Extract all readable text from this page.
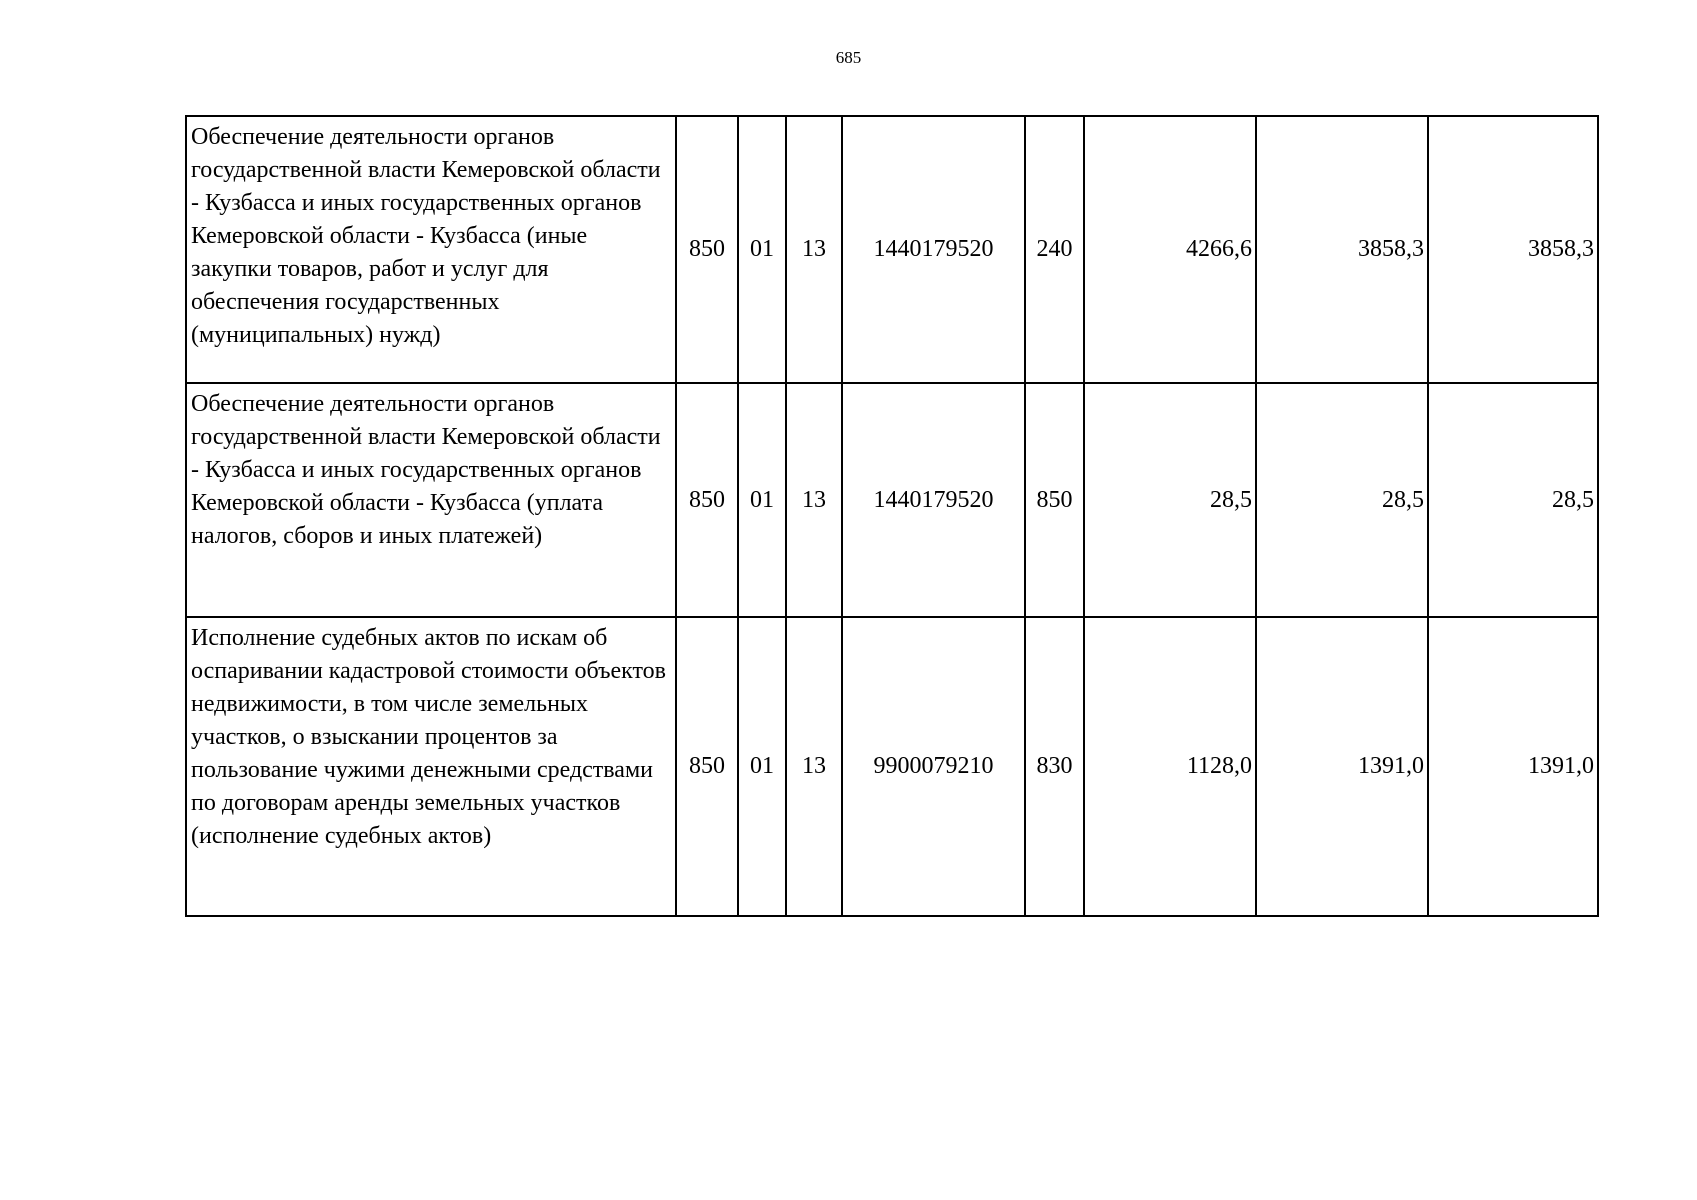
685
Обеспечение деятельности органов государственной власти Кемеровской области - Кузбасса и иных государственных органов Кемеровской области - Кузбасса (иные закупки товаров, работ и услуг для обеспечения государственных (муниципальных) нужд)	850	01	13	1440179520	240	4266,6	3858,3	3858,3
Обеспечение деятельности органов государственной власти Кемеровской области - Кузбасса и иных государственных органов Кемеровской области - Кузбасса (уплата налогов, сборов и иных платежей)	850	01	13	1440179520	850	28,5	28,5	28,5
Исполнение судебных актов по искам об оспаривании кадастровой стоимости объектов недвижимости, в том числе земельных участков, о взыскании процентов за пользование чужими денежными средствами по договорам аренды земельных участков (исполнение судебных актов)	850	01	13	9900079210	830	1128,0	1391,0	1391,0
